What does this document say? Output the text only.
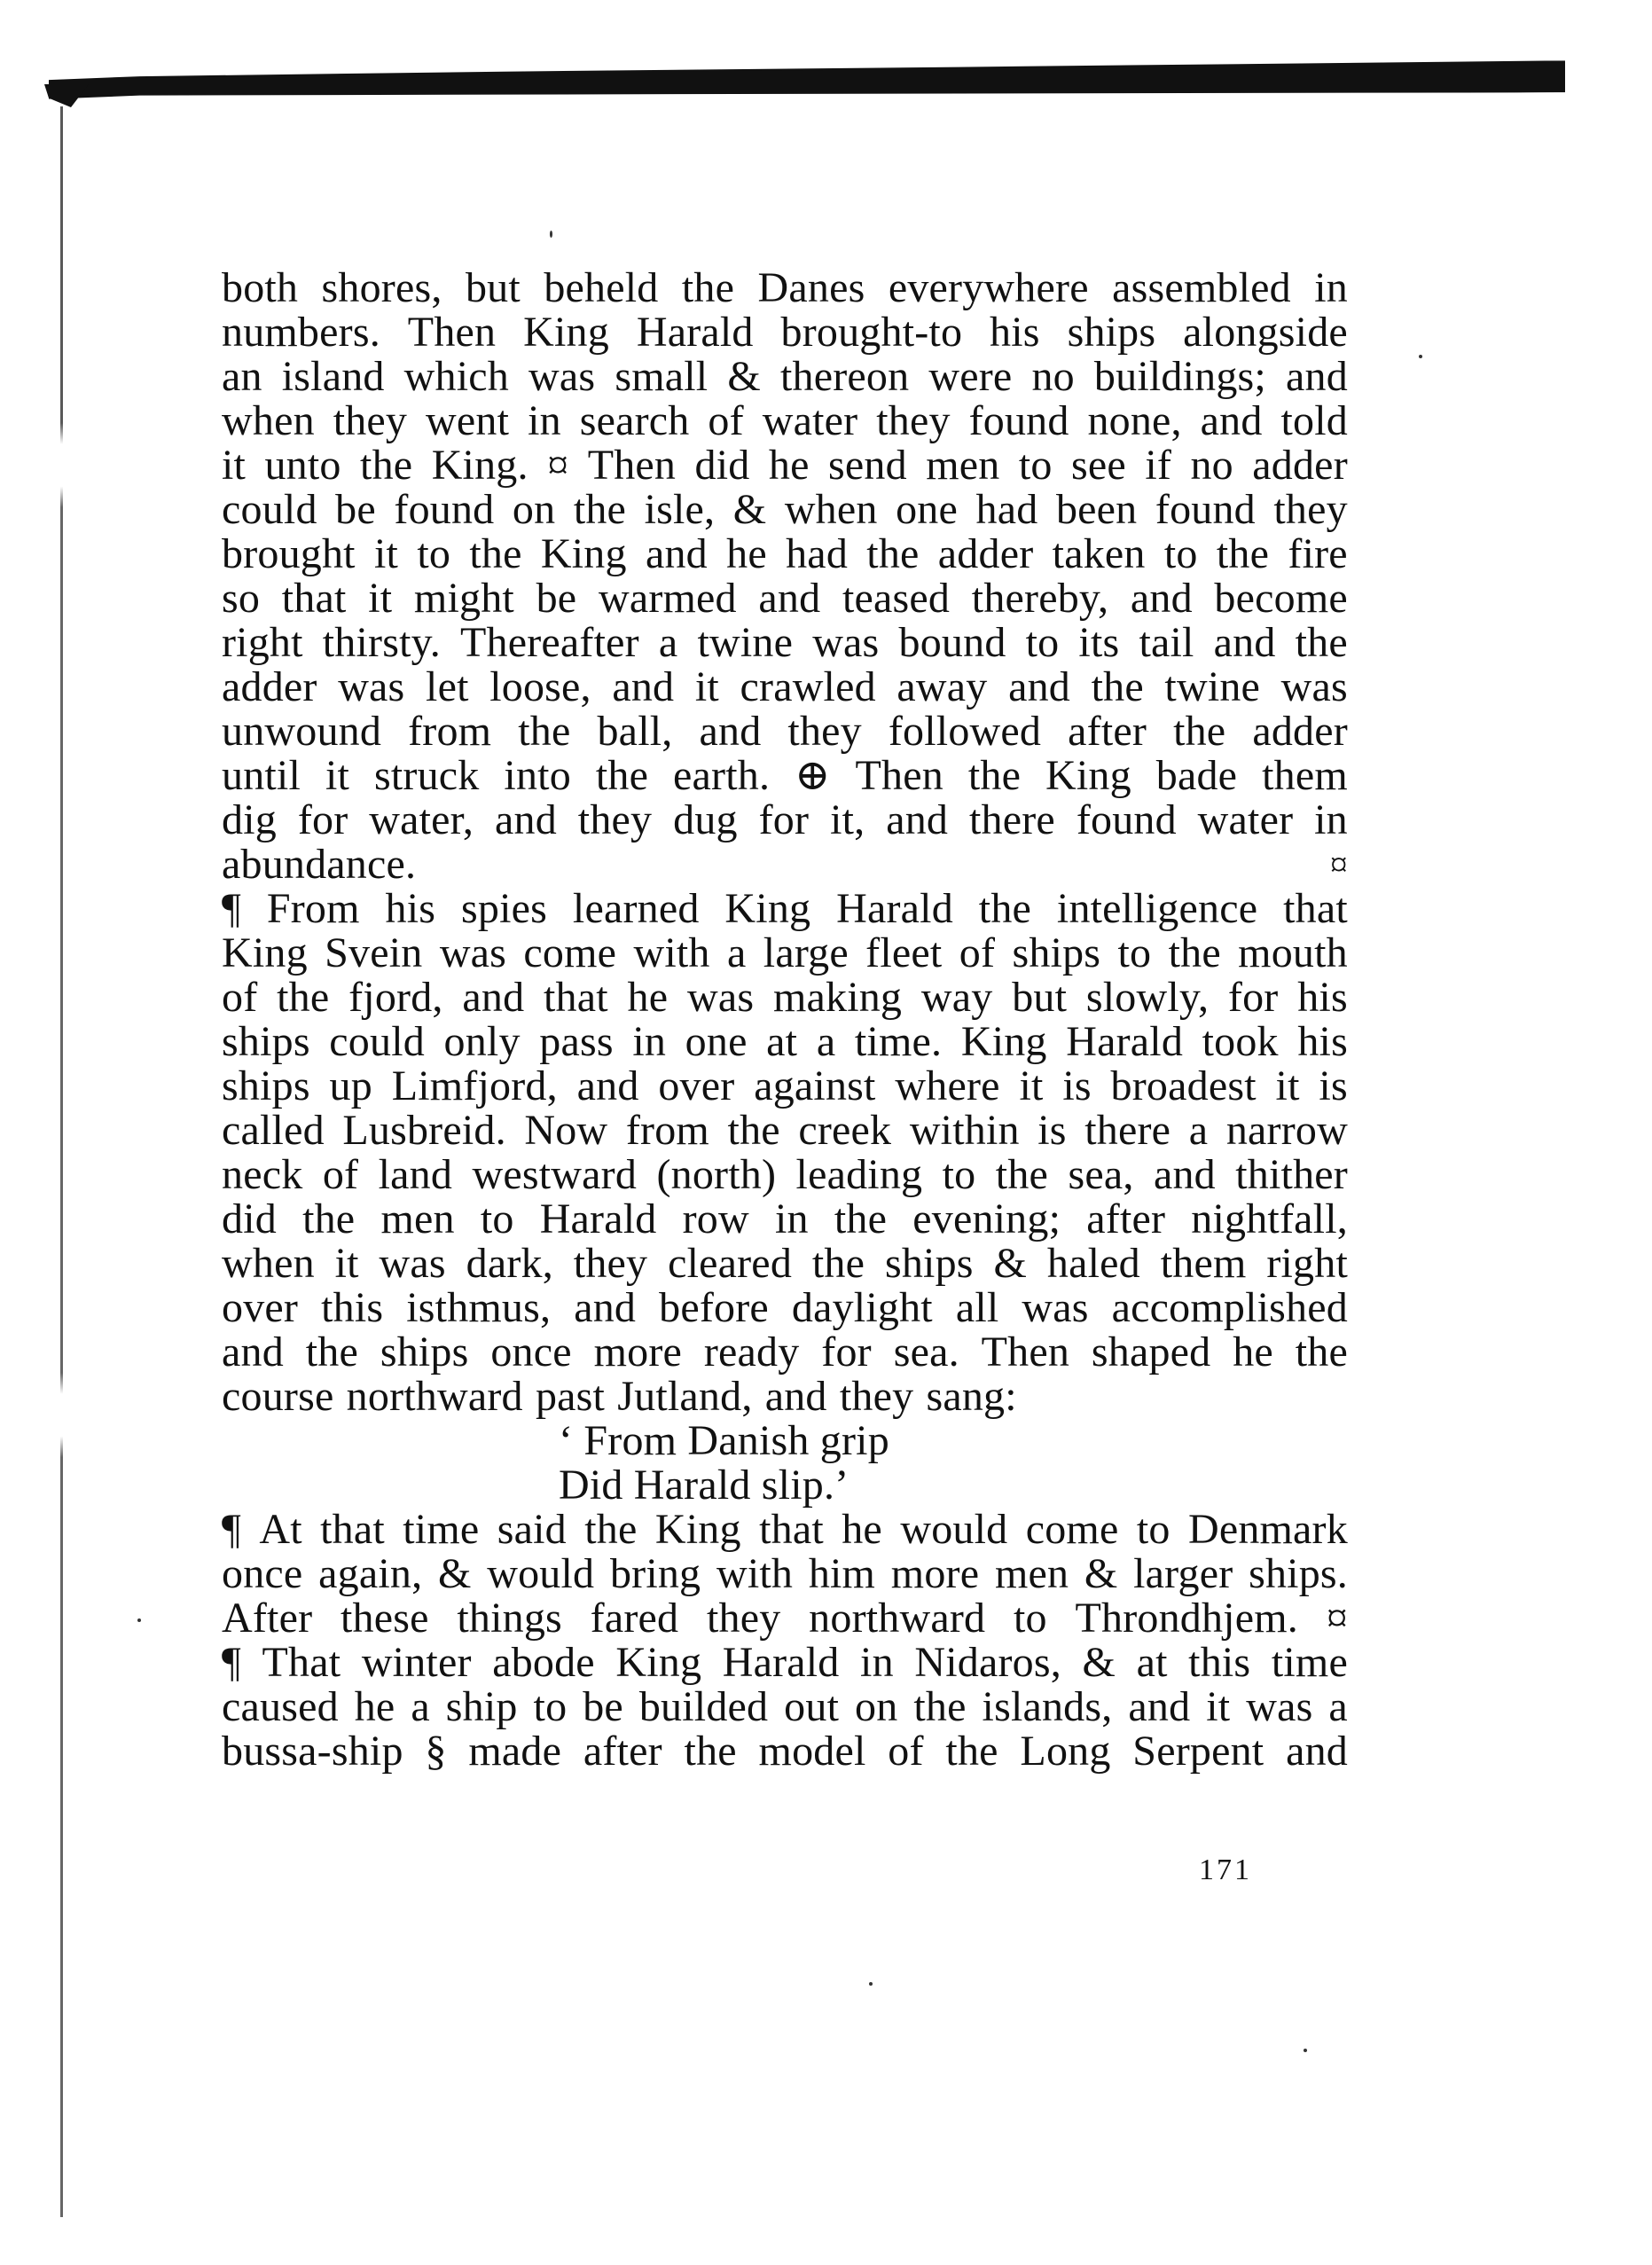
both shores, but beheld the Danes everywhere assembled in
numbers. Then King Harald brought-to his ships alongside
an island which was small & thereon were no buildings; and
when they went in search of water they found none, and told
it unto the King. ¤ Then did he send men to see if no adder
could be found on the isle, & when one had been found they
brought it to the King and he had the adder taken to the fire
so that it might be warmed and teased thereby, and become
right thirsty. Thereafter a twine was bound to its tail and the
adder was let loose, and it crawled away and the twine was
unwound from the ball, and they followed after the adder
until it struck into the earth. ⊕ Then the King bade them
dig for water, and they dug for it, and there found water in
abundance.	¤
¶ From his spies learned King Harald the intelligence that
King Svein was come with a large fleet of ships to the mouth
of the fjord, and that he was making way but slowly, for his
ships could only pass in one at a time. King Harald took his
ships up Limfjord, and over against where it is broadest it is
called Lusbreid. Now from the creek within is there a narrow
neck of land westward (north) leading to the sea, and thither
did the men to Harald row in the evening; after nightfall,
when it was dark, they cleared the ships & haled them right
over this isthmus, and before daylight all was accomplished
and the ships once more ready for sea. Then shaped he the
course northward past Jutland, and they sang:
‘ From Danish grip
Did Harald slip.’
¶ At that time said the King that he would come to Denmark
once again, & would bring with him more men & larger ships.
After these things fared they northward to Throndhjem. ¤
¶ That winter abode King Harald in Nidaros, & at this time
caused he a ship to be builded out on the islands, and it was a
bussa-ship § made after the model of the Long Serpent and
171
